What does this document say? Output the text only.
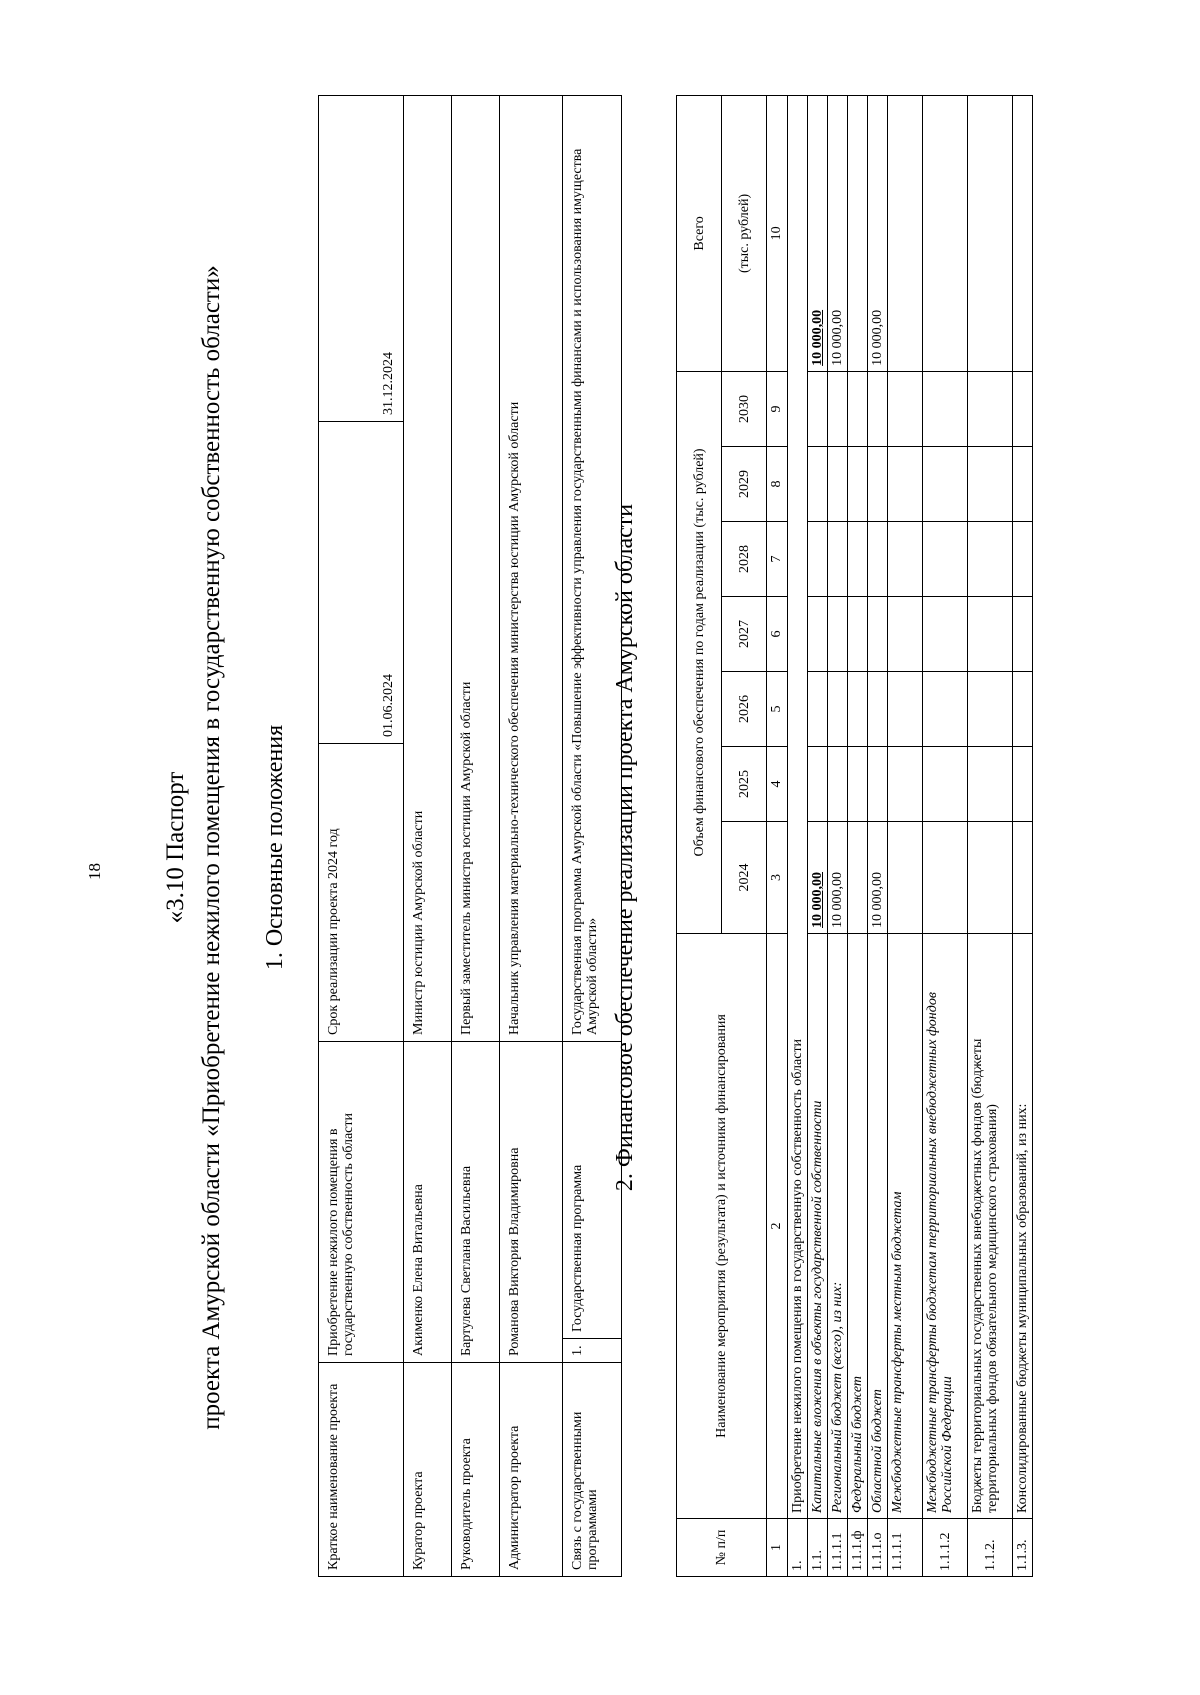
18 «3.10 Паспорт проекта Амурской области «Приобретение нежилого помещения в государственную собственность области» 1. Основные положения
Краткое наименование проекта	Приобретение нежилого помещения в государственную собственность области		Срок реализации проекта 2024 год	01.06.2024	31.12.2024
Куратор проекта	Акименко Елена Витальевна		Министр юстиции Амурской области		
Руководитель проекта	Бартулева Светлана Васильевна		Первый заместитель министра юстиции Амурской области		
Администратор проекта	Романова Виктория Владимировна		Начальник управления материально-технического обеспечения министерства юстиции Амурской области		
Связь с государственными программами	1.	Государственная программа	Государственная программа Амурской области «Повышение эффективности управления государственными финансами и использования имущества Амурской области»		2. Финансовое обеспечение реализации проекта Амурской области
№ п/п	Наименование мероприятия (результата) и источники финансирования	Объем финансового обеспечения по годам реализации (тыс. рублей)							Всего
		2024	2025	2026	2027	2028	2029	2030	(тыс. рублей)
1	2	3	4	5	6	7	8	9	10
1.	Приобретение нежилого помещения в государственную собственность области								
1.1.	Капитальные вложения в объекты государственной собственности	10 000,00							10 000,00
1.1.1.1	Региональный бюджет (всего), из них:	10 000,00							10 000,00
1.1.1.ф	Федеральный бюджет								
1.1.1.о	Областной бюджет	10 000,00							10 000,00
1.1.1.1	Межбюджетные трансферты местным бюджетам								
1.1.1.2	Межбюджетные трансферты бюджетам территориальных внебюджетных фондов Российской Федерации								
1.1.2.	Бюджеты территориальных государственных внебюджетных фондов (бюджеты территориальных фондов обязательного медицинского страхования)								
1.1.3.	Консолидированные бюджеты муниципальных образований, из них:								
